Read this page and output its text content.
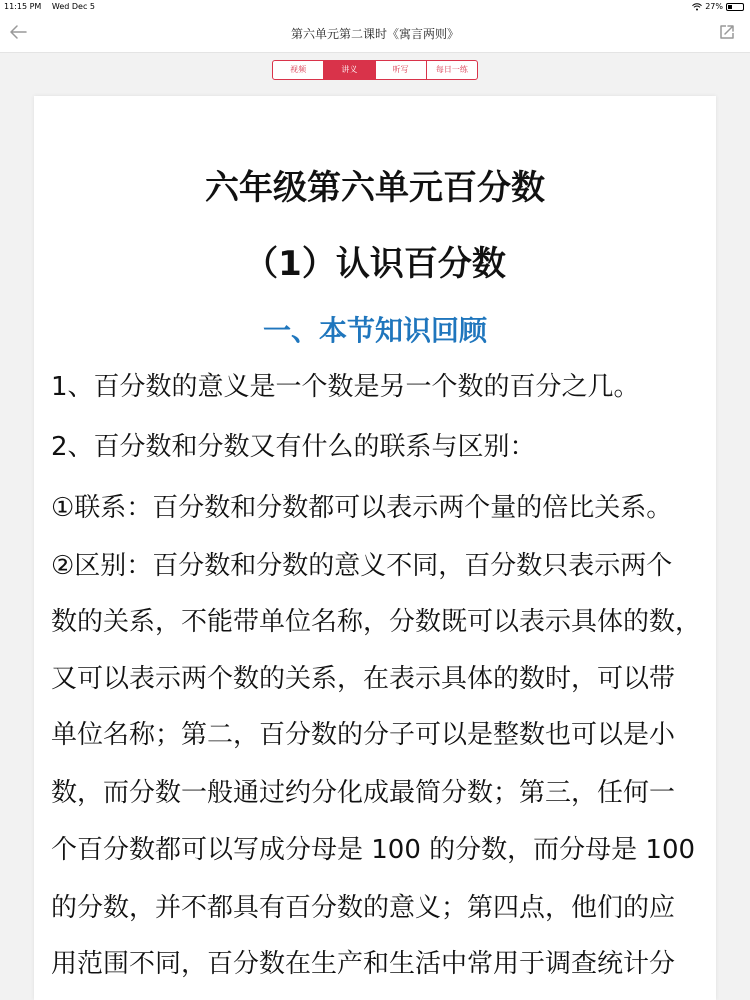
11:15 PM Wed Dec 5	27%
第六单元第二课时《寓言两则》
视频	讲义	听写	每日一练
六年级第六单元百分数
（1）认识百分数
一、本节知识回顾
1、百分数的意义是一个数是另一个数的百分之几。
2、百分数和分数又有什么的联系与区别：
①联系：百分数和分数都可以表示两个量的倍比关系。
②区别：百分数和分数的意义不同，百分数只表示两个
数的关系，不能带单位名称，分数既可以表示具体的数，
又可以表示两个数的关系，在表示具体的数时，可以带
单位名称；第二，百分数的分子可以是整数也可以是小
数，而分数一般通过约分化成最简分数；第三，任何一
个百分数都可以写成分母是 100 的分数，而分母是 100
的分数，并不都具有百分数的意义；第四点，他们的应
用范围不同，百分数在生产和生活中常用于调查统计分
